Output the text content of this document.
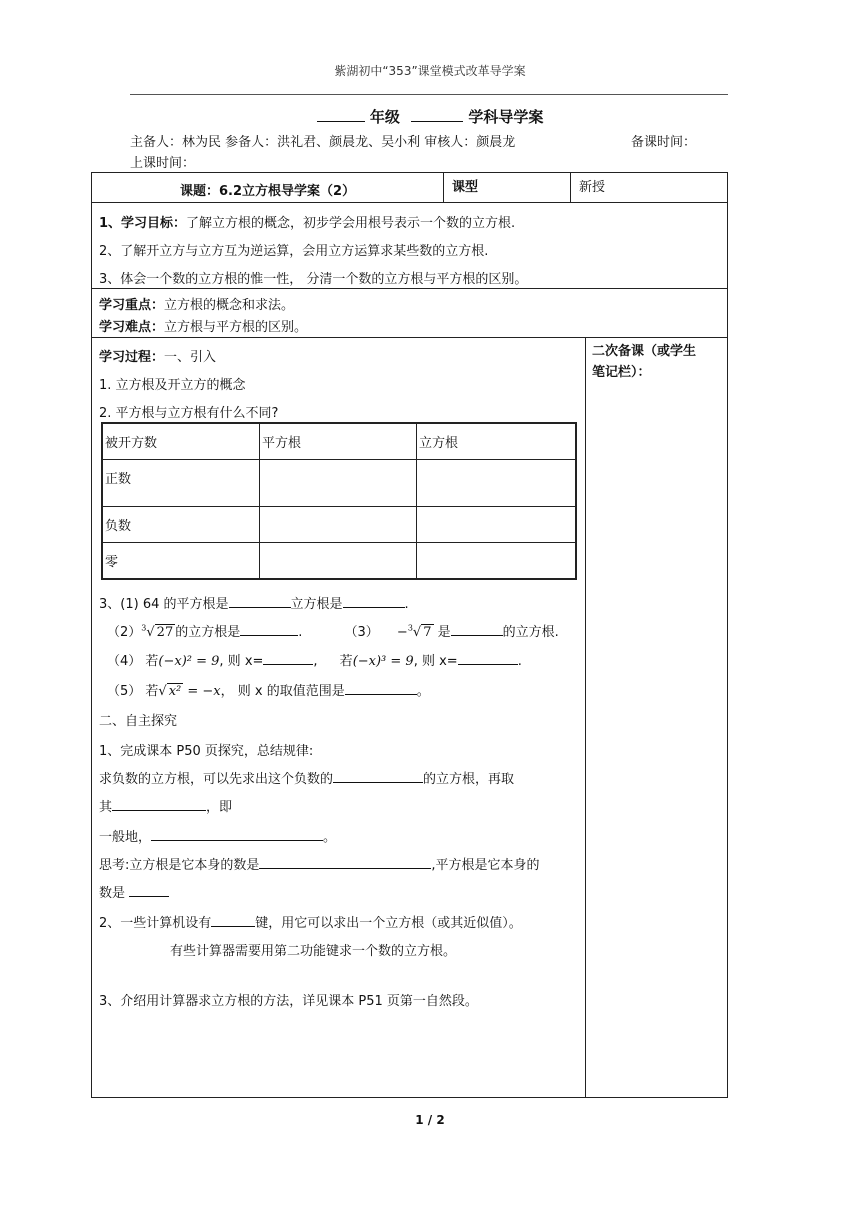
紫湖初中“353”课堂模式改革导学案
年级	学科导学案
主备人：林为民 参备人：洪礼君、颜晨龙、吴小利 审核人：颜晨龙	备课时间：
上课时间：
课题：6.2立方根导学案（2）	课型	新授
1、学习目标：了解立方根的概念，初步学会用根号表示一个数的立方根.
2、了解开立方与立方互为逆运算，会用立方运算求某些数的立方根.
3、体会一个数的立方根的惟一性， 分清一个数的立方根与平方根的区别。
学习重点：立方根的概念和求法。
学习难点：立方根与平方根的区别。
二次备课（或学生
笔记栏）：
学习过程：一、引入
1. 立方根及开立方的概念
2. 平方根与立方根有什么不同?
被开方数	平方根	立方根
正数		
负数		
零		
3、(1) 64 的平方根是	立方根是	.
$(2)^3√$ 27 的立方根是	.	（3） −$^3$√ 7 是	的立方根.
（4） 若(−x)² = 9, 则 x=	, 若(−x)³ = 9, 则 x=	.
（5） 若√ x² = −x， 则 x 的取值范围是	。
二、自主探究
1、完成课本 P50 页探究，总结规律:
求负数的立方根，可以先求出这个负数的	的立方根，再取
其	，即
一般地，	。
思考:立方根是它本身的数是	,平方根是它本身的
数是
2、一些计算机设有	键，用它可以求出一个立方根（或其近似值）。
有些计算器需要用第二功能键求一个数的立方根。
3、介绍用计算器求立方根的方法，详见课本 P51 页第一自然段。
1 / 2
